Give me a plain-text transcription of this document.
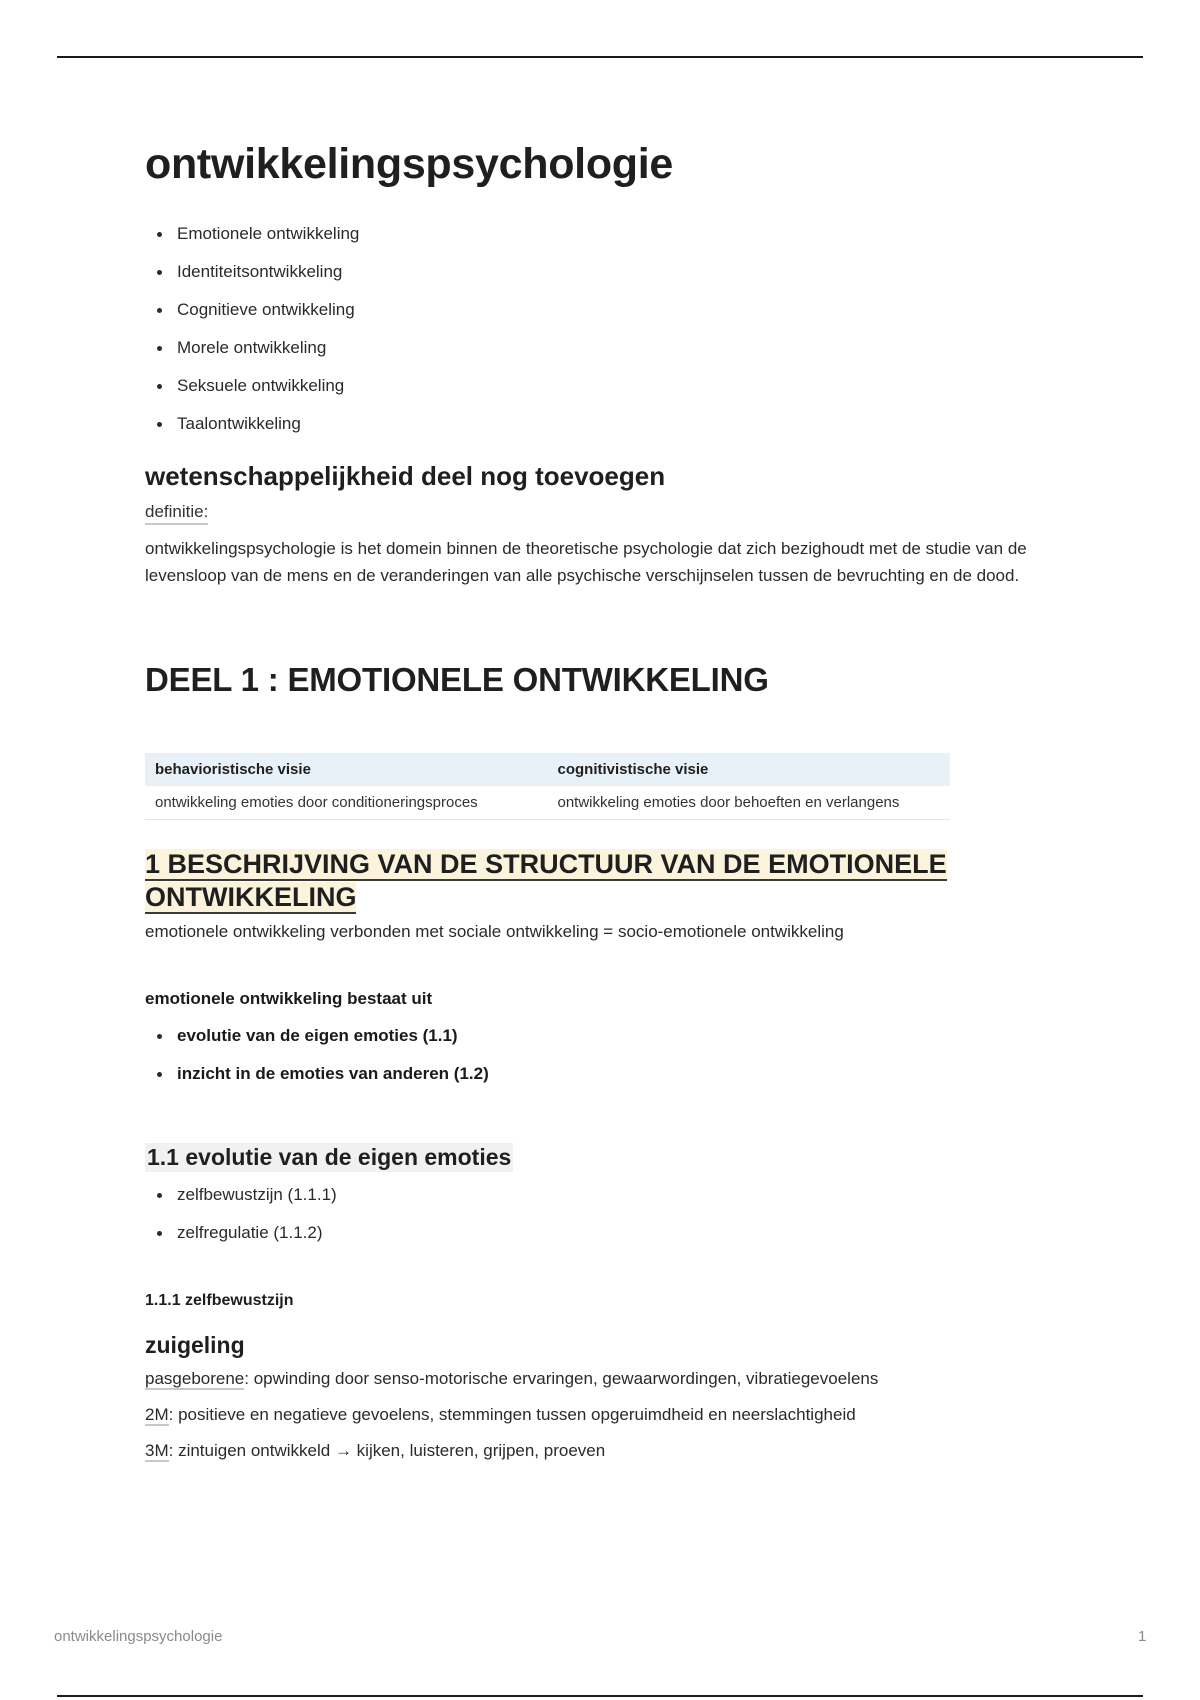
ontwikkelingspsychologie
Emotionele ontwikkeling
Identiteitsontwikkeling
Cognitieve ontwikkeling
Morele ontwikkeling
Seksuele ontwikkeling
Taalontwikkeling
wetenschappelijkheid deel nog toevoegen
definitie:

ontwikkelingspsychologie is het domein binnen de theoretische psychologie dat zich bezighoudt met de studie van de levensloop van de mens en de veranderingen van alle psychische verschijnselen tussen de bevruchting en de dood.

DEEL 1 : EMOTIONELE ONTWIKKELING
behavioristische visie	cognitivistische visie
ontwikkeling emoties door conditioneringsproces	ontwikkeling emoties door behoeften en verlangens
1 BESCHRIJVING VAN DE STRUCTUUR VAN DE EMOTIONELE
ONTWIKKELING

emotionele ontwikkeling verbonden met sociale ontwikkeling = socio-emotionele ontwikkeling

emotionele ontwikkeling bestaat uit
evolutie van de eigen emoties (1.1)
inzicht in de emoties van anderen (1.2)
1.1 evolutie van de eigen emoties
zelfbewustzijn (1.1.1)
zelfregulatie (1.1.2)
1.1.1 zelfbewustzijn
zuigeling
pasgeborene: opwinding door senso-motorische ervaringen, gewaarwordingen, vibratiegevoelens
2M: positieve en negatieve gevoelens, stemmingen tussen opgeruimdheid en neerslachtigheid
3M: zintuigen ontwikkeld → kijken, luisteren, grijpen, proeven
ontwikkelingspsychologie	1
